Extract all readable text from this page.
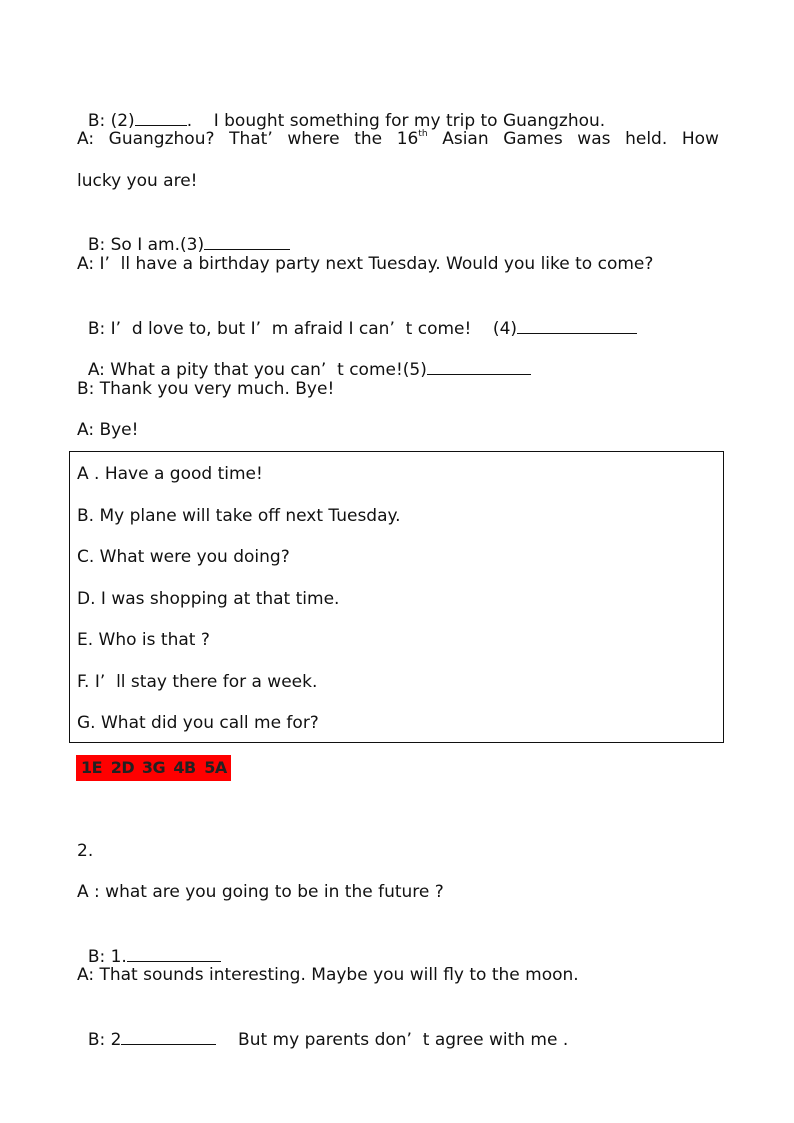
B: (2)	.    I bought something for my trip to Guangzhou.

A: Guangzhou? That’ where the 16th Asian Games was held. How
lucky you are!

B: So I am.(3)

A: I’  ll have a birthday party next Tuesday. Would you like to come?

B: I’  d love to, but I’  m afraid I can’  t come!    (4)

A: What a pity that you can’  t come!(5)

B: Thank you very much. Bye!
A: Bye!
A . Have a good time!
B. My plane will take off next Tuesday.
C. What were you doing?
D. I was shopping at that time.
E. Who is that ?
F. I’  ll stay there for a week.
G. What did you call me for?
1E 2D 3G 4B 5A
2.
A : what are you going to be in the future ?

B: 1.

A: That sounds interesting. Maybe you will fly to the moon.

B: 2	But my parents don’  t agree with me .
